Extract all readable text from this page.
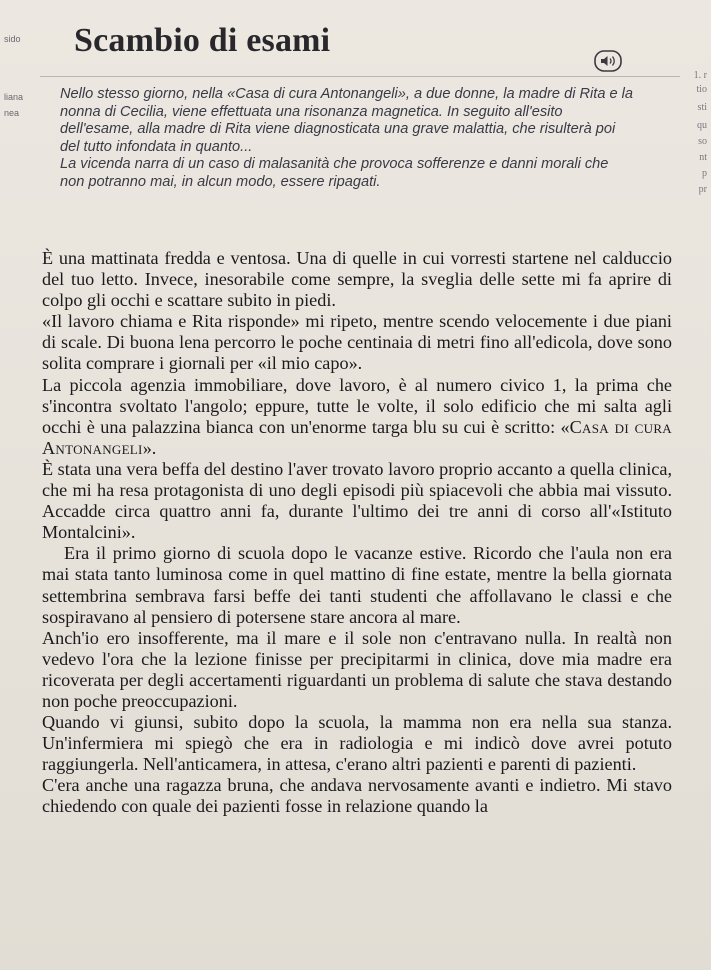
sido
liana
nea
1. r
tio
sti
qu
so
nt
p
pr
Scambio di esami

Nello stesso giorno, nella «Casa di cura Antonangeli», a due donne, la madre di Rita e la nonna di Cecilia, viene effettuata una risonanza magnetica. In seguito all'esito dell'esame, alla madre di Rita viene diagnosticata una grave malattia, che risulterà poi del tutto infondata in quanto...

La vicenda narra di un caso di malasanità che provoca sofferenze e danni morali che non potranno mai, in alcun modo, essere ripagati.

È una mattinata fredda e ventosa. Una di quelle in cui vorresti startene nel calduccio del tuo letto. Invece, inesorabile come sempre, la sveglia delle sette mi fa aprire di colpo gli occhi e scattare subito in piedi.

«Il lavoro chiama e Rita risponde» mi ripeto, mentre scendo velocemente i due piani di scale. Di buona lena percorro le poche centinaia di metri fino all'edicola, dove sono solita comprare i giornali per «il mio capo».

La piccola agenzia immobiliare, dove lavoro, è al numero civico 1, la prima che s'incontra svoltato l'angolo; eppure, tutte le volte, il solo edificio che mi salta agli occhi è una palazzina bianca con un'enorme targa blu su cui è scritto: «Casa di cura Antonangeli».

È stata una vera beffa del destino l'aver trovato lavoro proprio accanto a quella clinica, che mi ha resa protagonista di uno degli episodi più spiacevoli che abbia mai vissuto. Accadde circa quattro anni fa, durante l'ultimo dei tre anni di corso all'«Istituto Montalcini».

Era il primo giorno di scuola dopo le vacanze estive. Ricordo che l'aula non era mai stata tanto luminosa come in quel mattino di fine estate, mentre la bella giornata settembrina sembrava farsi beffe dei tanti studenti che affollavano le classi e che sospiravano al pensiero di potersene stare ancora al mare.

Anch'io ero insofferente, ma il mare e il sole non c'entravano nulla. In realtà non vedevo l'ora che la lezione finisse per precipitarmi in clinica, dove mia madre era ricoverata per degli accertamenti riguardanti un problema di salute che stava destando non poche preoccupazioni.

Quando vi giunsi, subito dopo la scuola, la mamma non era nella sua stanza. Un'infermiera mi spiegò che era in radiologia e mi indicò dove avrei potuto raggiungerla. Nell'anticamera, in attesa, c'erano altri pazienti e parenti di pazienti.

C'era anche una ragazza bruna, che andava nervosamente avanti e indietro. Mi stavo chiedendo con quale dei pazienti fosse in relazione quando la
